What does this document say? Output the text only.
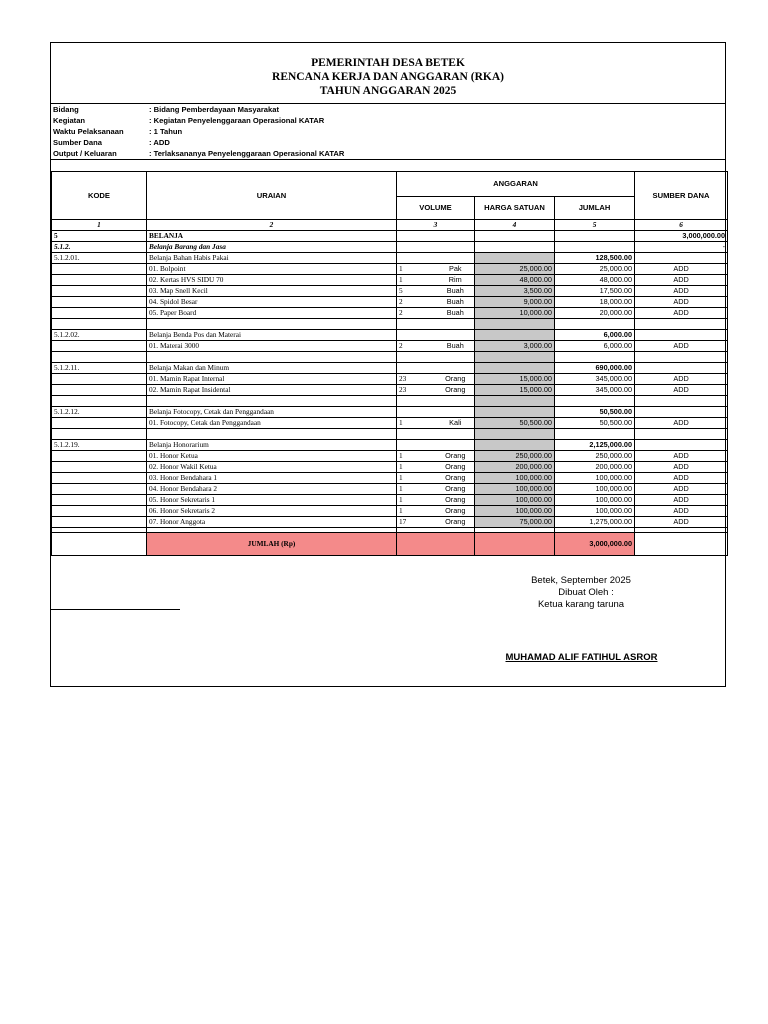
PEMERINTAH DESA BETEK
RENCANA KERJA DAN ANGGARAN (RKA)
TAHUN ANGGARAN 2025
Bidang	: Bidang Pemberdayaan Masyarakat
Kegiatan	: Kegiatan Penyelenggaraan Operasional KATAR
Waktu Pelaksanaan	: 1 Tahun
Sumber Dana	: ADD
Output / Keluaran	: Terlaksananya Penyelenggaraan Operasional KATAR
KODE	URAIAN	ANGGARAN				SUMBER DANA
		VOLUME		HARGA SATUAN	JUMLAH	
1	2	3		4	5	6
5	BELANJA					3,000,000.00
5.1.2.	Belanja Barang dan Jasa					-
5.1.2.01.	Belanja Bahan Habis Pakai				128,500.00	
	01. Bolpoint	1	Pak	25,000.00	25,000.00	ADD
	02. Kertas HVS SIDU 70	1	Rim	48,000.00	48,000.00	ADD
	03. Map Snell Kecil	5	Buah	3,500.00	17,500.00	ADD
	04. Spidol Besar	2	Buah	9,000.00	18,000.00	ADD
	05. Paper Board	2	Buah	10,000.00	20,000.00	ADD

5.1.2.02.	Belanja Benda Pos dan Materai				6,000.00	
	01. Materai 3000	2	Buah	3,000.00	6,000.00	ADD

5.1.2.11.	Belanja Makan dan Minum				690,000.00	
	01. Mamin Rapat Internal	23	Orang	15,000.00	345,000.00	ADD
	02. Mamin Rapat Insidental	23	Orang	15,000.00	345,000.00	ADD

5.1.2.12.	Belanja Fotocopy, Cetak dan Penggandaan				50,500.00	
	01. Fotocopy, Cetak dan Penggandaan	1	Kali	50,500.00	50,500.00	ADD

5.1.2.19.	Belanja Honorarium				2,125,000.00	
	01. Honor Ketua	1	Orang	250,000.00	250,000.00	ADD
	02. Honor Wakil Ketua	1	Orang	200,000.00	200,000.00	ADD
	03. Honor Bendahara 1	1	Orang	100,000.00	100,000.00	ADD
	04. Honor Bendahara 2	1	Orang	100,000.00	100,000.00	ADD
	05. Honor Sekretaris 1	1	Orang	100,000.00	100,000.00	ADD
	06. Honor Sekretaris 2	1	Orang	100,000.00	100,000.00	ADD
	07. Honor Anggota	17	Orang	75,000.00	1,275,000.00	ADD

	JUMLAH (Rp)				3,000,000.00	
Betek, September 2025
Dibuat Oleh :
Ketua karang taruna
MUHAMAD ALIF FATIHUL ASROR
